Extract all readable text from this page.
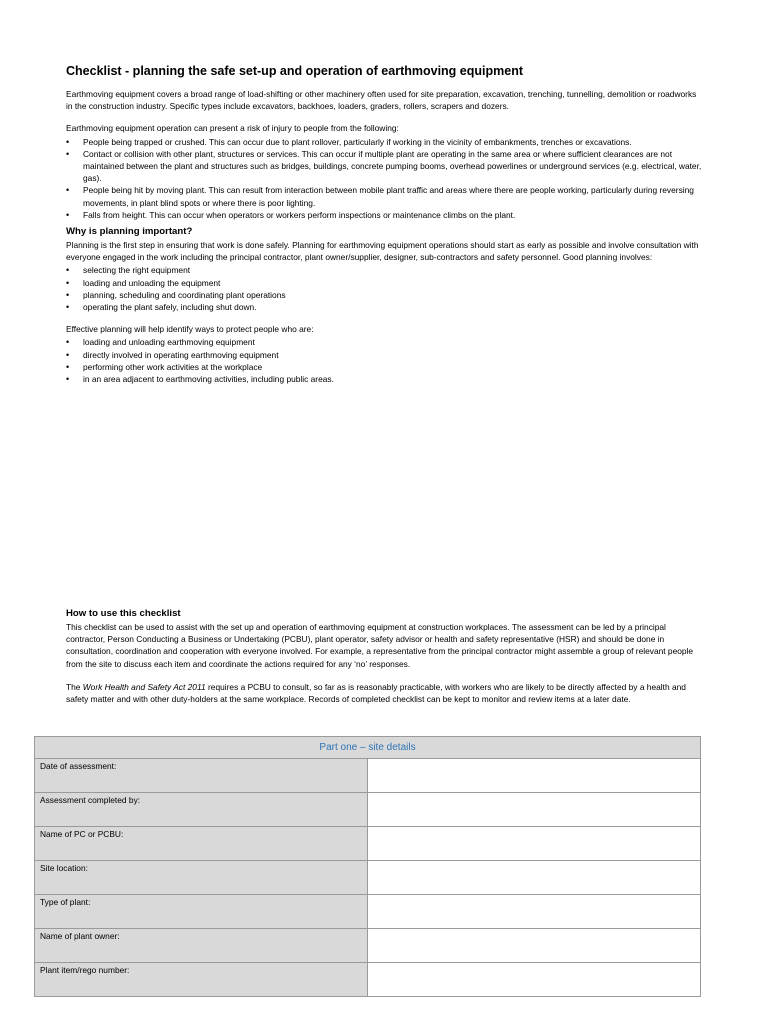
Checklist - planning the safe set-up and operation of earthmoving equipment

Earthmoving equipment covers a broad range of load-shifting or other machinery often used for site preparation, excavation, trenching, tunnelling, demolition or roadworks in the construction industry. Specific types include excavators, backhoes, loaders, graders, rollers, scrapers and dozers.

Earthmoving equipment operation can present a risk of injury to people from the following:

• People being trapped or crushed. This can occur due to plant rollover, particularly if working in the vicinity of embankments, trenches or excavations.
• Contact or collision with other plant, structures or services. This can occur if multiple plant are operating in the same area or where sufficient clearances are not maintained between the plant and structures such as bridges, buildings, concrete pumping booms, overhead powerlines or underground services (e.g. electrical, water, gas).
• People being hit by moving plant. This can result from interaction between mobile plant traffic and areas where there are people working, particularly during reversing movements, in plant blind spots or where there is poor lighting.
• Falls from height. This can occur when operators or workers perform inspections or maintenance climbs on the plant.
Why is planning important?

Planning is the first step in ensuring that work is done safely. Planning for earthmoving equipment operations should start as early as possible and involve consultation with everyone engaged in the work including the principal contractor, plant owner/supplier, designer, sub-contractors and safety personnel. Good planning involves:

• selecting the right equipment
• loading and unloading the equipment
• planning, scheduling and coordinating plant operations
• operating the plant safely, including shut down.

Effective planning will help identify ways to protect people who are:

• loading and unloading earthmoving equipment
• directly involved in operating earthmoving equipment
• performing other work activities at the workplace
• in an area adjacent to earthmoving activities, including public areas.
How to use this checklist

This checklist can be used to assist with the set up and operation of earthmoving equipment at construction workplaces. The assessment can be led by a principal contractor, Person Conducting a Business or Undertaking (PCBU), plant operator, safety advisor or health and safety representative (HSR) and should be done in consultation, coordination and cooperation with everyone involved. For example, a representative from the principal contractor might assemble a group of relevant people from the site to discuss each item and coordinate the actions required for any ‘no’ responses.

The Work Health and Safety Act 2011 requires a PCBU to consult, so far as is reasonably practicable, with workers who are likely to be directly affected by a health and safety matter and with other duty-holders at the same workplace. Records of completed checklist can be kept to monitor and review items at a later date.

Part one – site details	
Date of assessment:	
Assessment completed by:	
Name of PC or PCBU:	
Site location:	
Type of plant:	
Name of plant owner:	
Plant item/rego number:	
